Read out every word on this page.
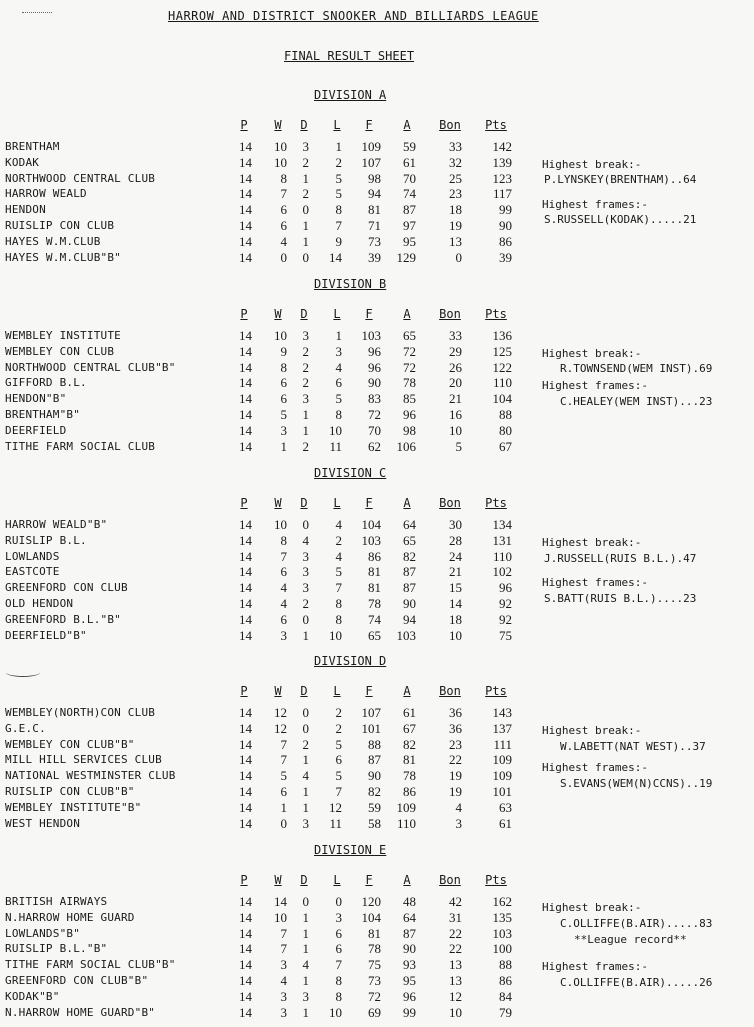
HARROW AND DISTRICT SNOOKER AND BILLIARDS LEAGUE
FINAL RESULT SHEET
DIVISION A
P	W	D	L	F	A	Bon	Pts
BRENTHAM	14	10	3	1	109	59	33	142
KODAK	14	10	2	2	107	61	32	139
NORTHWOOD CENTRAL CLUB	14	8	1	5	98	70	25	123
HARROW WEALD	14	7	2	5	94	74	23	117
HENDON	14	6	0	8	81	87	18	99
RUISLIP CON CLUB	14	6	1	7	71	97	19	90
HAYES W.M.CLUB	14	4	1	9	73	95	13	86
HAYES W.M.CLUB"B"	14	0	0	14	39	129	0	39
Highest break:-
P.LYNSKEY(BRENTHAM)..64
Highest frames:-
S.RUSSELL(KODAK).....21
DIVISION B
P	W	D	L	F	A	Bon	Pts
WEMBLEY INSTITUTE	14	10	3	1	103	65	33	136
WEMBLEY CON CLUB	14	9	2	3	96	72	29	125
NORTHWOOD CENTRAL CLUB"B"	14	8	2	4	96	72	26	122
GIFFORD B.L.	14	6	2	6	90	78	20	110
HENDON"B"	14	6	3	5	83	85	21	104
BRENTHAM"B"	14	5	1	8	72	96	16	88
DEERFIELD	14	3	1	10	70	98	10	80
TITHE FARM SOCIAL CLUB	14	1	2	11	62	106	5	67
Highest break:-
R.TOWNSEND(WEM INST).69
Highest frames:-
C.HEALEY(WEM INST)...23
DIVISION C
P	W	D	L	F	A	Bon	Pts
HARROW WEALD"B"	14	10	0	4	104	64	30	134
RUISLIP B.L.	14	8	4	2	103	65	28	131
LOWLANDS	14	7	3	4	86	82	24	110
EASTCOTE	14	6	3	5	81	87	21	102
GREENFORD CON CLUB	14	4	3	7	81	87	15	96
OLD HENDON	14	4	2	8	78	90	14	92
GREENFORD B.L."B"	14	6	0	8	74	94	18	92
DEERFIELD"B"	14	3	1	10	65	103	10	75
Highest break:-
J.RUSSELL(RUIS B.L.).47
Highest frames:-
S.BATT(RUIS B.L.)....23
DIVISION D
P	W	D	L	F	A	Bon	Pts
WEMBLEY(NORTH)CON CLUB	14	12	0	2	107	61	36	143
G.E.C.	14	12	0	2	101	67	36	137
WEMBLEY CON CLUB"B"	14	7	2	5	88	82	23	111
MILL HILL SERVICES CLUB	14	7	1	6	87	81	22	109
NATIONAL WESTMINSTER CLUB	14	5	4	5	90	78	19	109
RUISLIP CON CLUB"B"	14	6	1	7	82	86	19	101
WEMBLEY INSTITUTE"B"	14	1	1	12	59	109	4	63
WEST HENDON	14	0	3	11	58	110	3	61
Highest break:-
W.LABETT(NAT WEST)..37
Highest frames:-
S.EVANS(WEM(N)CCNS)..19
DIVISION E
P	W	D	L	F	A	Bon	Pts
BRITISH AIRWAYS	14	14	0	0	120	48	42	162
N.HARROW HOME GUARD	14	10	1	3	104	64	31	135
LOWLANDS"B"	14	7	1	6	81	87	22	103
RUISLIP B.L."B"	14	7	1	6	78	90	22	100
TITHE FARM SOCIAL CLUB"B"	14	3	4	7	75	93	13	88
GREENFORD CON CLUB"B"	14	4	1	8	73	95	13	86
KODAK"B"	14	3	3	8	72	96	12	84
N.HARROW HOME GUARD"B"	14	3	1	10	69	99	10	79
Highest break:-
C.OLLIFFE(B.AIR).....83
**League record**
Highest frames:-
C.OLLIFFE(B.AIR).....26
